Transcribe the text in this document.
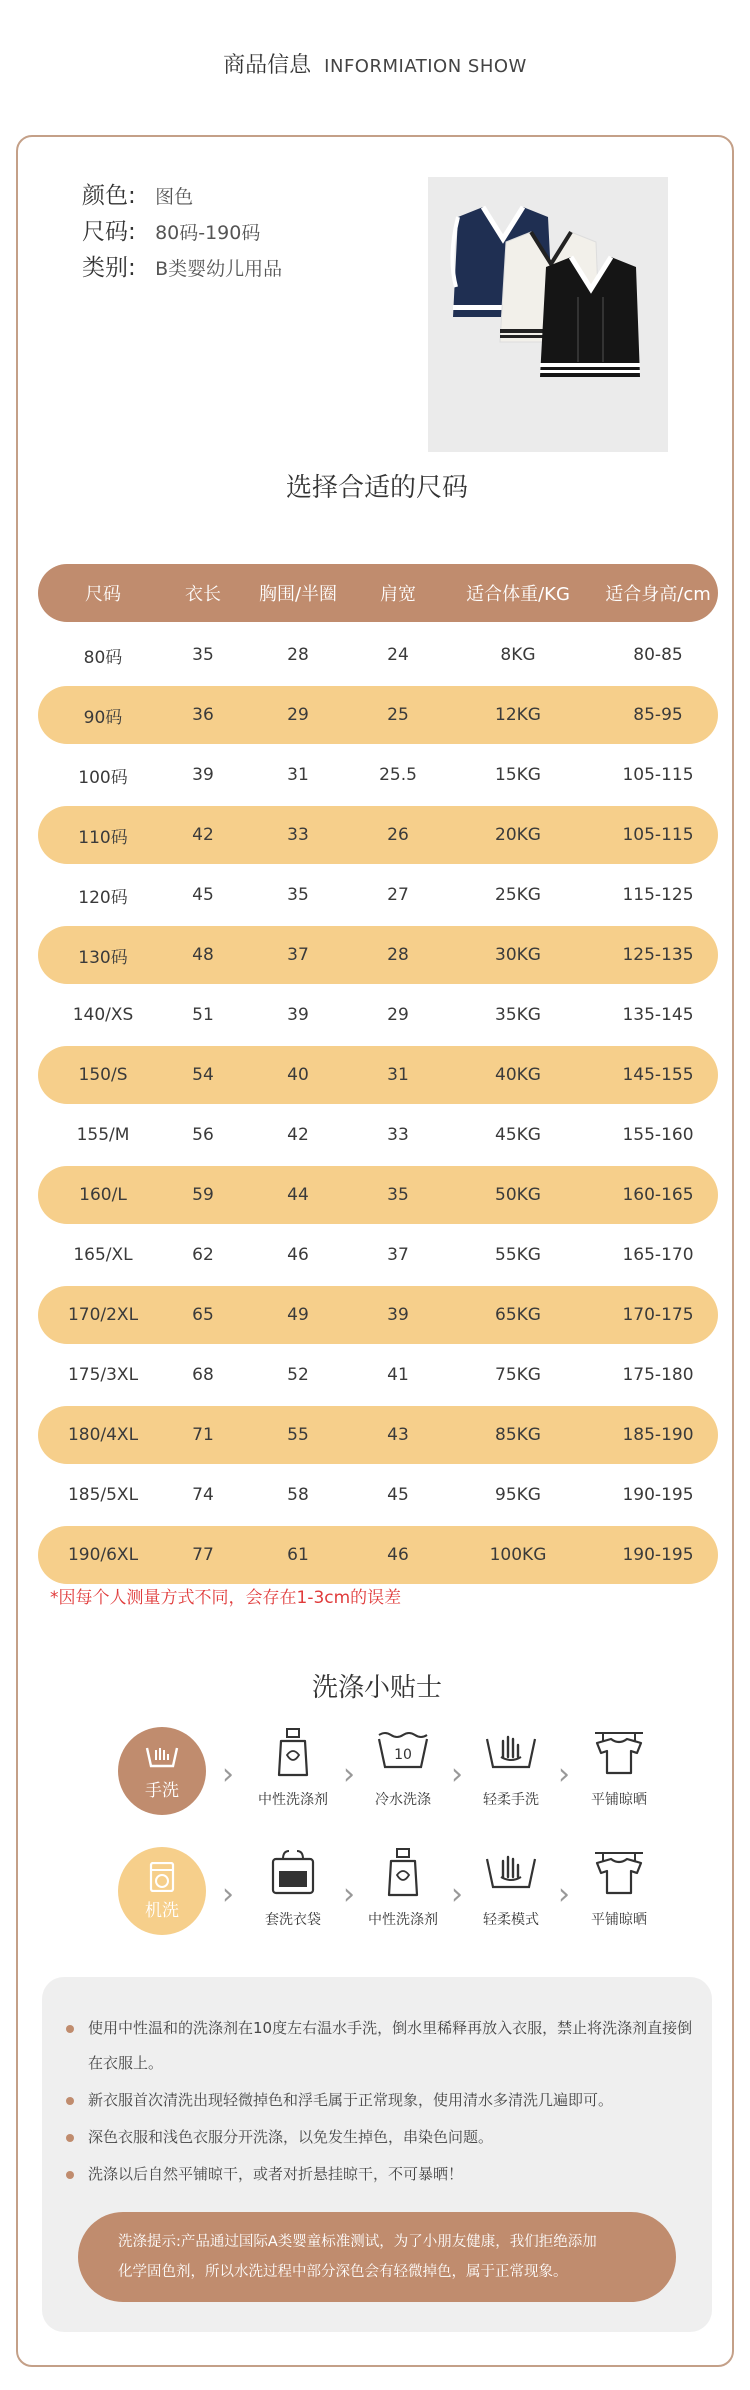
商品信息 INFORMIATION SHOW
颜色: 图色
尺码: 80码-190码
类别: B类婴幼儿用品
选择合适的尺码
尺码	衣长	胸围/半圈	肩宽	适合体重/KG	适合身高/cm
80码	35	28	24	8KG	80-85
90码	36	29	25	12KG	85-95
100码	39	31	25.5	15KG	105-115
110码	42	33	26	20KG	105-115
120码	45	35	27	25KG	115-125
130码	48	37	28	30KG	125-135
140/XS	51	39	29	35KG	135-145
150/S	54	40	31	40KG	145-155
155/M	56	42	33	45KG	155-160
160/L	59	44	35	50KG	160-165
165/XL	62	46	37	55KG	165-170
170/2XL	65	49	39	65KG	170-175
175/3XL	68	52	41	75KG	175-180
180/4XL	71	55	43	85KG	185-190
185/5XL	74	58	45	95KG	190-195
190/6XL	77	61	46	100KG	190-195
*因每个人测量方式不同，会存在1-3cm的误差
洗涤小贴士
手洗 ›
中性洗涤剂
›
10
冷水洗涤
›
轻柔手洗
›
平铺晾晒
机洗 ›
套洗衣袋
›
中性洗涤剂
›
轻柔模式
›
平铺晾晒
使用中性温和的洗涤剂在10度左右温水手洗，倒水里稀释再放入衣服，禁止将洗涤剂直接倒在衣服上。
新衣服首次清洗出现轻微掉色和浮毛属于正常现象，使用清水多清洗几遍即可。
深色衣服和浅色衣服分开洗涤，以免发生掉色，串染色问题。
洗涤以后自然平铺晾干，或者对折悬挂晾干，不可暴晒！
洗涤提示:产品通过国际A类婴童标准测试，为了小朋友健康，我们拒绝添加
化学固色剂，所以水洗过程中部分深色会有轻微掉色，属于正常现象。
